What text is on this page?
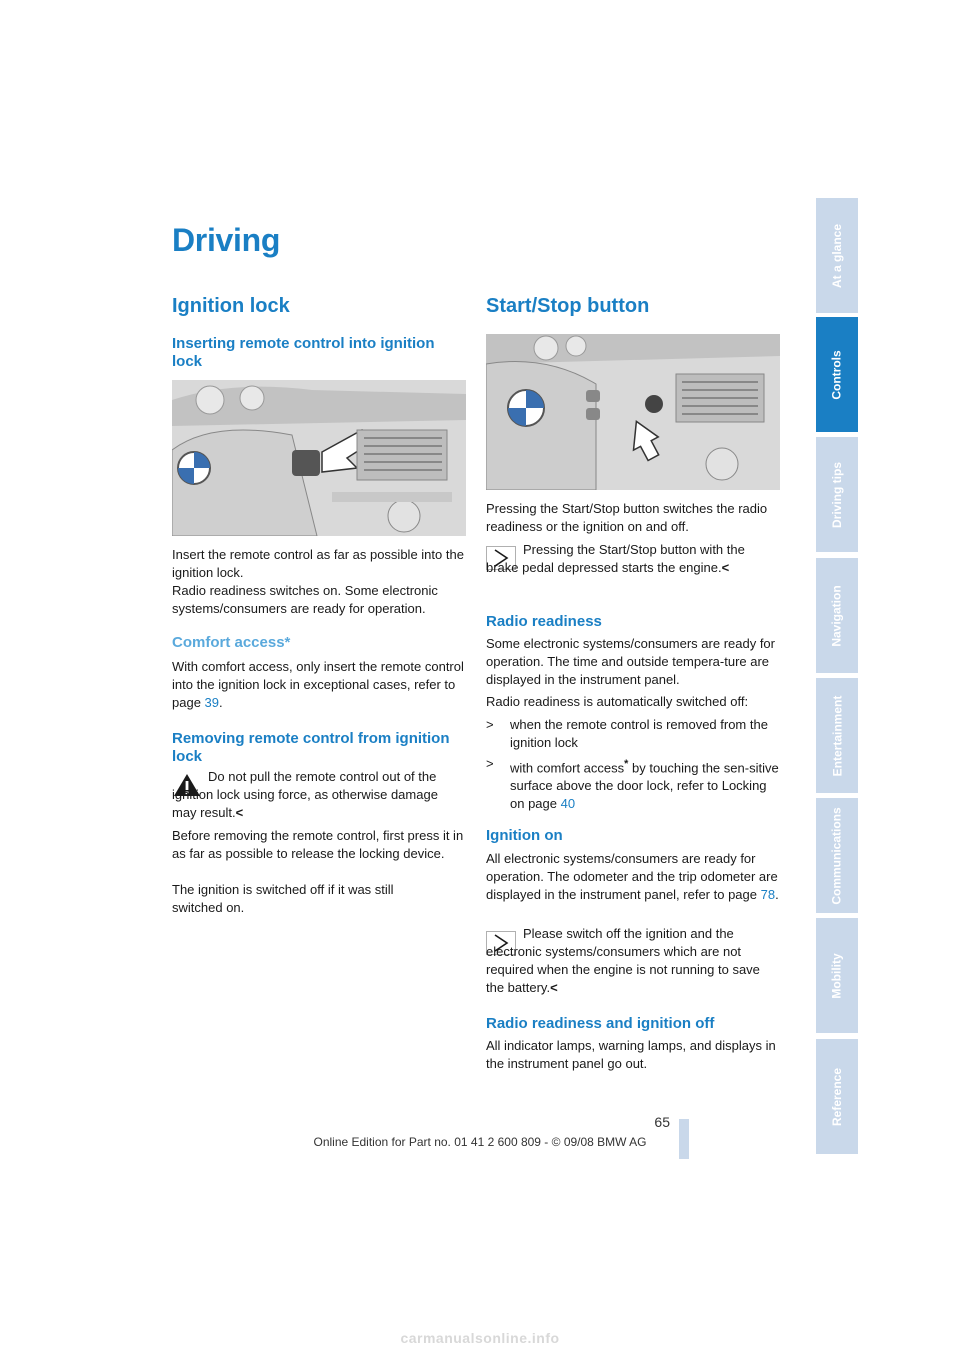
Driving
Ignition lock
Inserting remote control into ignition lock
Insert the remote control as far as possible into the ignition lock.
Radio readiness switches on. Some electronic systems/consumers are ready for operation.
Comfort access*
With comfort access, only insert the remote control into the ignition lock in exceptional cases, refer to page 39.
Removing remote control from ignition lock
Do not pull the remote control out of the ignition lock using force, as otherwise damage may result.<
Before removing the remote control, first press it in as far as possible to release the locking device.
The ignition is switched off if it was still switched on.
Start/Stop button
Pressing the Start/Stop button switches the radio readiness or the ignition on and off.
Pressing the Start/Stop button with the brake pedal depressed starts the engine.<
Radio readiness
Some electronic systems/consumers are ready for operation. The time and outside tempera-ture are displayed in the instrument panel.
Radio readiness is automatically switched off:
>	when the remote control is removed from the ignition lock
>	with comfort access* by touching the sen-sitive surface above the door lock, refer to Locking on page 40
Ignition on
All electronic systems/consumers are ready for operation. The odometer and the trip odometer are displayed in the instrument panel, refer to page 78.
Please switch off the ignition and the electronic systems/consumers which are not required when the engine is not running to save the battery.<
Radio readiness and ignition off
All indicator lamps, warning lamps, and displays in the instrument panel go out.
At a glance
Controls
Driving tips
Navigation
Entertainment
Communications
Mobility
Reference
65
Online Edition for Part no. 01 41 2 600 809 - © 09/08 BMW AG
carmanualsonline.info
